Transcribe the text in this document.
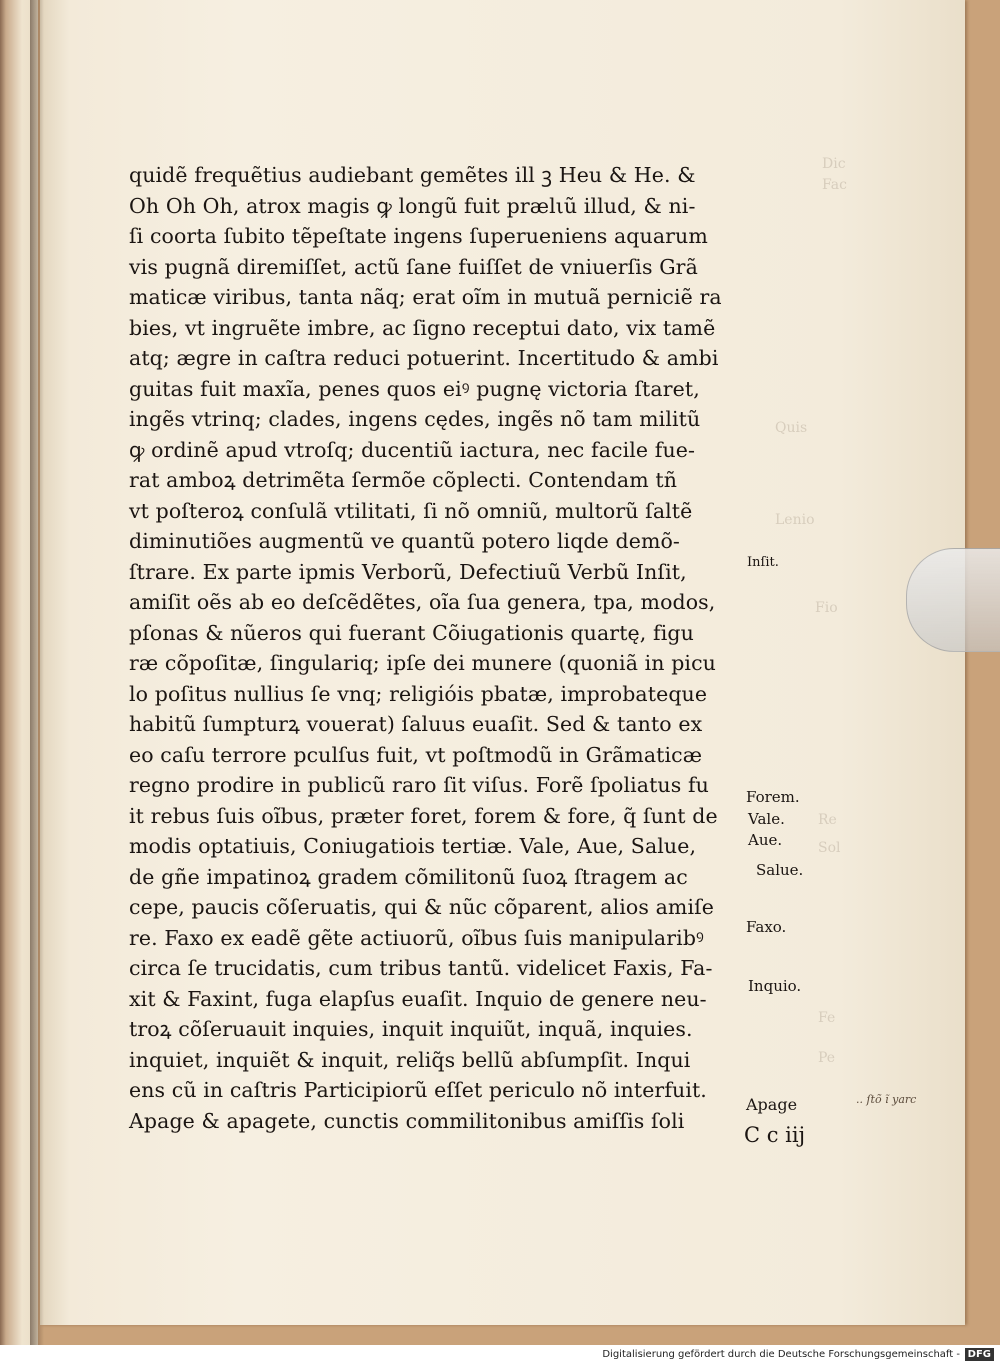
Dic
Fac
Quis
Lenio
Fio
Re
Sol
Fe
Pe
quidẽ frequẽtius audiebant gemẽtes ill ꝫ Heu & He. &
Oh Oh Oh, atrox magis ꝙ longũ fuit prælιũ illud, & ni-
ſi coorta ſubito tẽpeſtate ingens ſuperueniens aquarum
vis pugnã diremiſſet, actũ ſane fuiſſet de vniuerſis Grã
maticæ viribus, tanta nãq; erat oĩm in mutuã perniciẽ ra
bies, vt ingruẽte imbre, ac ſigno receptui dato, vix tamẽ
atq; ægre in caſtra reduci potuerint. Incertitudo & ambi
guitas fuit maxĩa, penes quos eiꝰ pugnę victoria ſtaret,
ingẽs vtrinq; clades, ingens cędes, ingẽs nõ tam militũ
ꝙ ordinẽ apud vtroſq; ducentiũ iactura, nec facile fue-
rat amboꝝ detrimẽta ſermõe cõplecti. Contendam tñ
vt poſteroꝝ conſulã vtilitati, ſi nõ omniũ, multorũ ſaltẽ
diminutiões augmentũ ve quantũ potero liqde demõ-
ſtrare. Ex parte ipmis Verborũ, Defectiuũ Verbũ Inſit,
amiſit oẽs ab eo deſcẽdẽtes, oĩa ſua genera, tpa, modos,
pſonas & nũeros qui fuerant Cõiugationis quartę, figu
ræ cõpoſitæ, ſingulariq; ipſe dei munere (quoniã in picu
lo poſitus nullius ſe vnq; religióis pbatæ, improbateque
habitũ ſumpturꝝ vouerat) ſaluus euaſit. Sed & tanto ex
eo caſu terrore pculſus fuit, vt poſtmodũ in Grãmaticæ
regno prodire in publicũ raro ſit viſus. Forẽ ſpoliatus fu
it rebus ſuis oĩbus, præter foret, forem & fore, q̃ ſunt de
modis optatiuis, Coniugatiois tertiæ. Vale, Aue, Salue,
de gñe impatinoꝝ gradem cõmilitonũ ſuoꝝ ſtragem ac
cepe, paucis cõſeruatis, qui & nũc cõparent, alios amiſe
re. Faxo ex eadẽ gẽte actiuorũ, oĩbus ſuis manipularibꝰ
circa ſe trucidatis, cum tribus tantũ. videlicet Faxis, Fa-
xit & Faxint, fuga elapſus euaſit. Inquio de genere neu-
troꝝ cõſeruauit inquies, inquit inquiũt, inquã, inquies.
inquiet, inquiẽt & inquit, reliq̃s bellũ abſumpſit. Inqui
ens cũ in caſtris Participiorũ eſſet periculo nõ interfuit.
Apage & apagete, cunctis commilitonibus amiſſis ſoli
Inſit.
Forem.
Vale.
Aue.
Salue.
Faxo.
Inquio.
Apage	.. ſtõ ĩ yarc
C c iij
Digitalisierung gefördert durch die Deutsche Forschungsgemeinschaft - DFG
